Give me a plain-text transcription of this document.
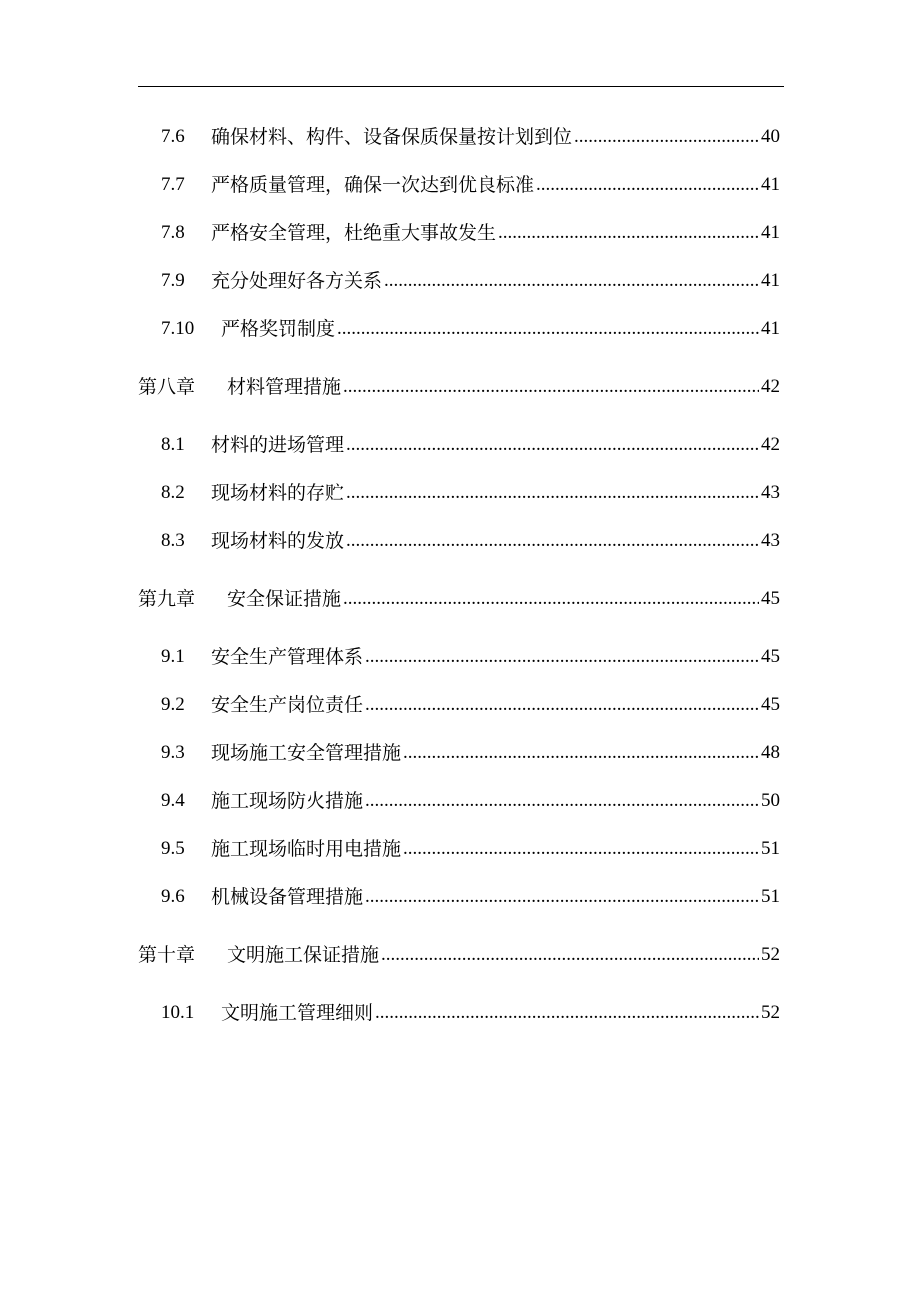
7.6	确保材料、构件、设备保质保量按计划到位 .....	40
7.7	严格质量管理，确保一次达到优良标准 .....	41
7.8	严格安全管理，杜绝重大事故发生 .....	41
7.9	充分处理好各方关系 .....	41
7.10	严格奖罚制度 .....	41
第八章	材料管理措施 .....	42
8.1	材料的进场管理 .....	42
8.2	现场材料的存贮 .....	43
8.3	现场材料的发放 .....	43
第九章	安全保证措施 .....	45
9.1	安全生产管理体系 .....	45
9.2	安全生产岗位责任 .....	45
9.3	现场施工安全管理措施 .....	48
9.4	施工现场防火措施 .....	50
9.5	施工现场临时用电措施 .....	51
9.6	机械设备管理措施 .....	51
第十章	文明施工保证措施 .....	52
10.1	文明施工管理细则 .....	52
